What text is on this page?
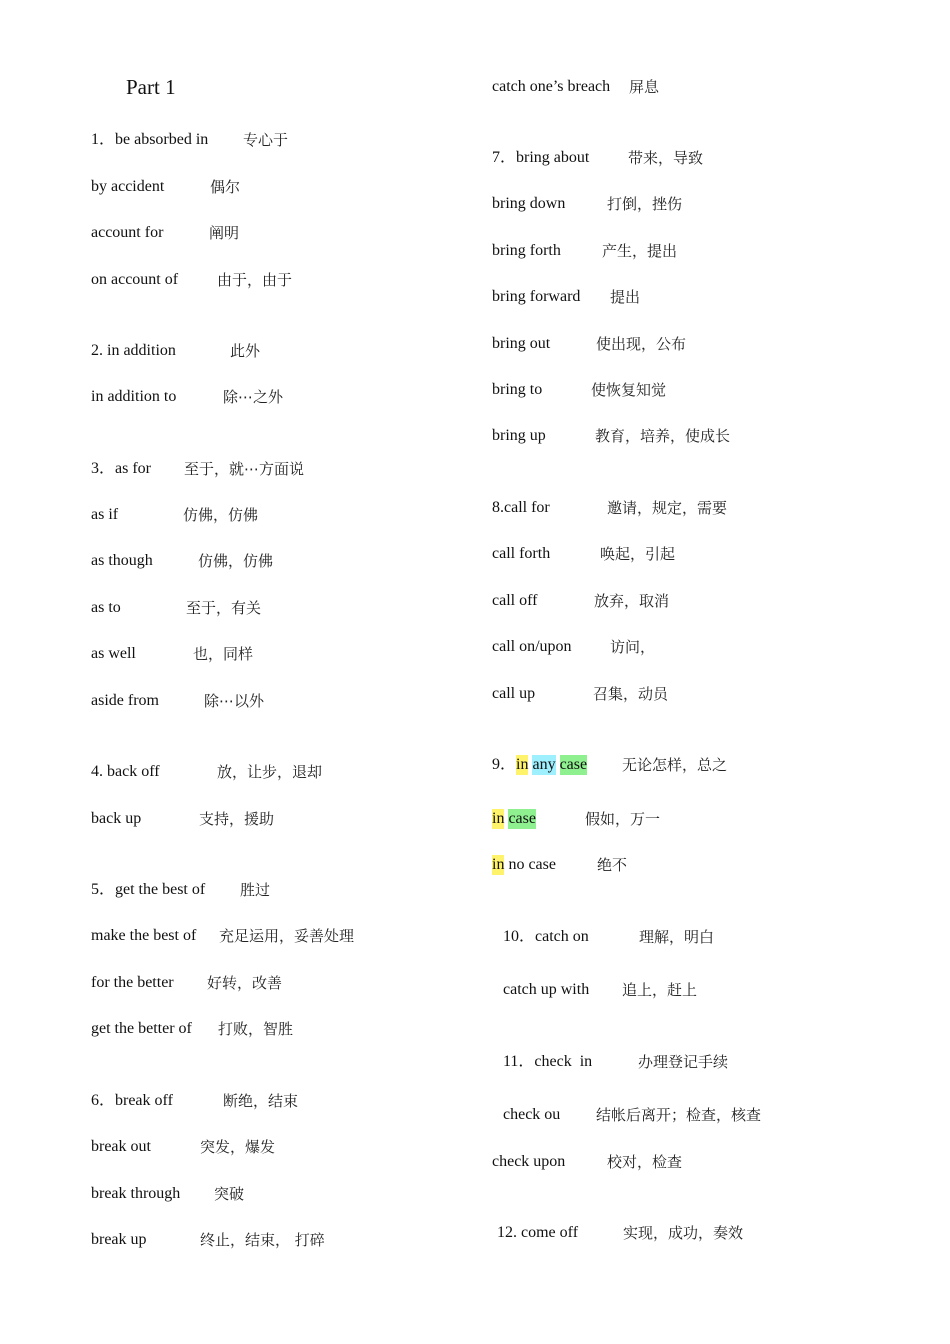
Part 1
1．be absorbed in 专心于
by accident	偶尔
account for	阐明
on account of	由于，由于
2. in addition	此外
in addition to	除⋯之外
3．as for 至于，就⋯方面说
as if	仿佛，仿佛
as though	仿佛，仿佛
as to	至于，有关
as well	也，同样
aside from	除⋯以外
4. back off	放，让步，退却
back up	支持，援助
5．get the best of 胜过
make the best of 充足运用，妥善处理
for the better 好转，改善
get the better of 打败，智胜
6．break off	断绝，结束
break out	突发，爆发
break through 突破
break up	终止，结束， 打碎
catch one’s breach 屏息
7．bring about	带来，导致
bring down	打倒，挫伤
bring forth	产生，提出
bring forward 提出
bring out	使出现，公布
bring to	使恢复知觉
bring up	教育，培养，使成长
8.call for	邀请，规定，需要
call forth	唤起，引起
call off	放弃，取消
call on/upon	访问，
call up	召集，动员
9．in any case 无论怎样，总之
in case	假如，万一
in no case	绝不
10．catch on	理解，明白
catch up with 追上，赶上
11．check  in	办理登记手续
check ou 结帐后离开；检查，核查
check upon	校对，检查
12. come off	实现，成功，奏效
